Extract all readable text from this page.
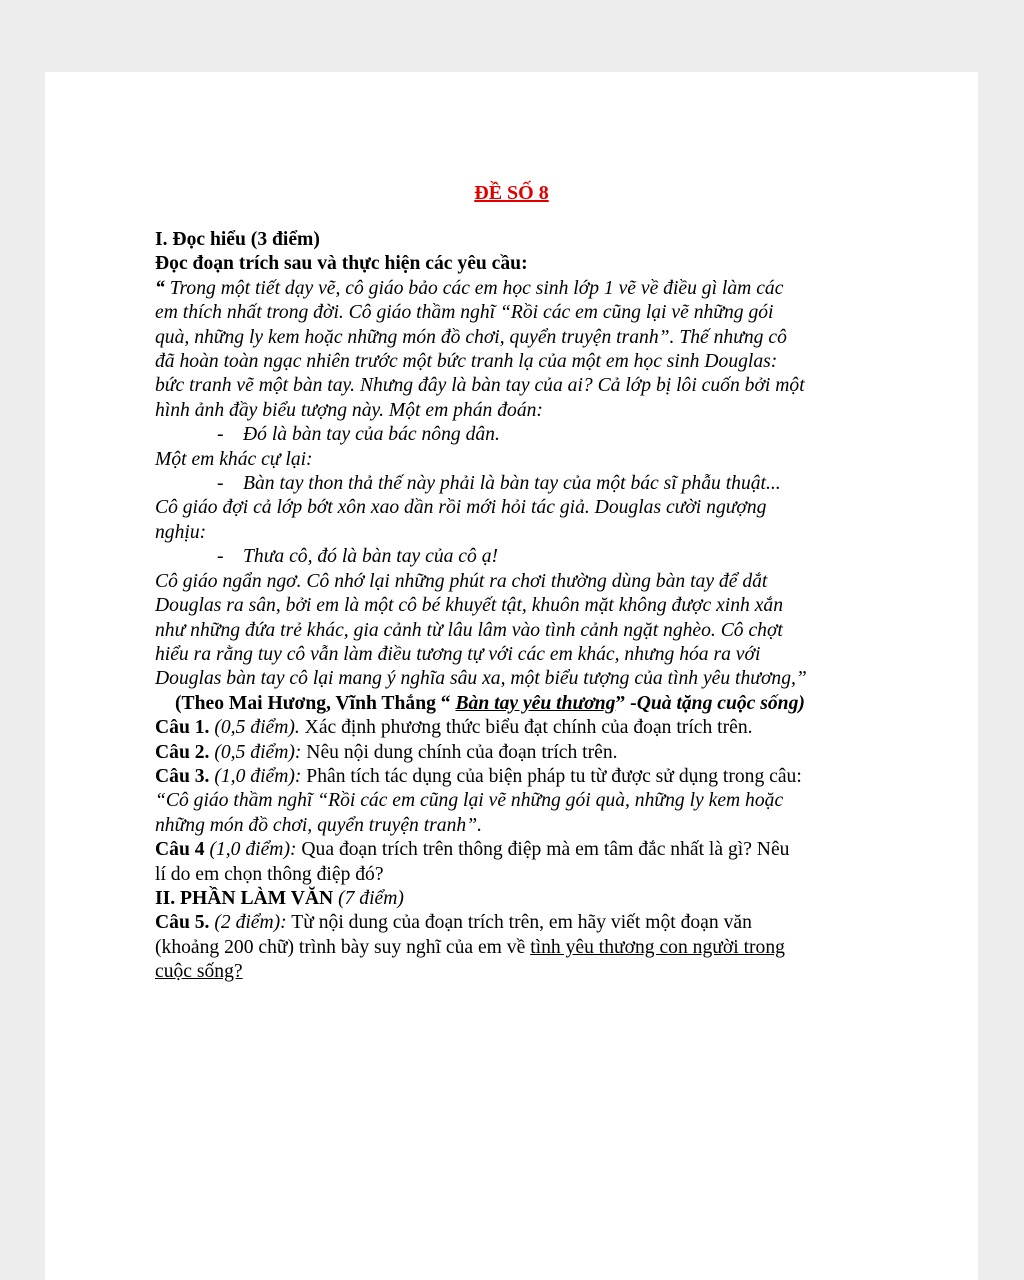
ĐỀ SỐ 8
I. Đọc hiểu (3 điểm)
Đọc đoạn trích sau và thực hiện các yêu cầu:
“ Trong một tiết dạy vẽ, cô giáo bảo các em học sinh lớp 1 vẽ về điều gì làm các
em thích nhất trong đời. Cô giáo thầm nghĩ “Rồi các em cũng lại vẽ những gói
quà, những ly kem hoặc những món đồ chơi, quyển truyện tranh”. Thế nhưng cô
đã hoàn toàn ngạc nhiên trước một bức tranh lạ của một em học sinh Douglas:
bức tranh vẽ một bàn tay. Nhưng đây là bàn tay của ai? Cả lớp bị lôi cuốn bởi một
hình ảnh đầy biểu tượng này. Một em phán đoán:
- Đó là bàn tay của bác nông dân.
Một em khác cự lại:
- Bàn tay thon thả thế này phải là bàn tay của một bác sĩ phẫu thuật...
Cô giáo đợi cả lớp bớt xôn xao dần rồi mới hỏi tác giả. Douglas cười ngượng
nghịu:
- Thưa cô, đó là bàn tay của cô ạ!
Cô giáo ngẩn ngơ. Cô nhớ lại những phút ra chơi thường dùng bàn tay để dắt
Douglas ra sân, bởi em là một cô bé khuyết tật, khuôn mặt không được xinh xắn
như những đứa trẻ khác, gia cảnh từ lâu lâm vào tình cảnh ngặt nghèo. Cô chợt
hiểu ra rằng tuy cô vẫn làm điều tương tự với các em khác, nhưng hóa ra với
Douglas bàn tay cô lại mang ý nghĩa sâu xa, một biểu tượng của tình yêu thương,”
(Theo Mai Hương, Vĩnh Thắng “ Bàn tay yêu thương” -Quà tặng cuộc sống)
Câu 1. (0,5 điểm). Xác định phương thức biểu đạt chính của đoạn trích trên.
Câu 2. (0,5 điểm): Nêu nội dung chính của đoạn trích trên.
Câu 3. (1,0 điểm): Phân tích tác dụng của biện pháp tu từ được sử dụng trong câu:
“Cô giáo thầm nghĩ “Rồi các em cũng lại vẽ những gói quà, những ly kem hoặc
những món đồ chơi, quyển truyện tranh”.
Câu 4 (1,0 điểm): Qua đoạn trích trên thông điệp mà em tâm đắc nhất là gì? Nêu
lí do em chọn thông điệp đó?
II. PHẦN LÀM VĂN (7 điểm)
Câu 5. (2 điểm): Từ nội dung của đoạn trích trên, em hãy viết một đoạn văn
(khoảng 200 chữ) trình bày suy nghĩ của em về tình yêu thương con người trong
cuộc sống?
